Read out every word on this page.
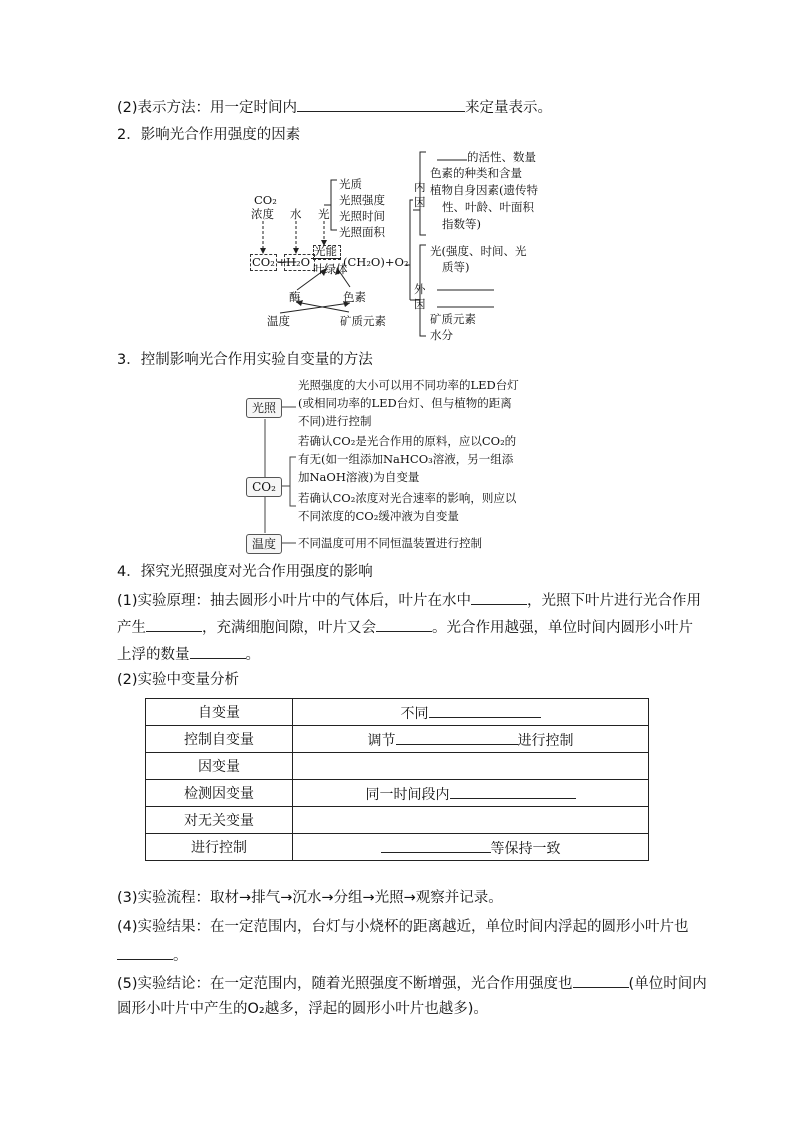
(2)表示方法：用一定时间内	来定量表示。
2．影响光合作用强度的因素
CO₂
浓度 水 光
光质
光照强度
光照时间
光照面积
CO₂ + H₂O
光能
叶绿体
(CH₂O)+O₂
酶	色素
温度	矿质元素
内因
外因
的活性、数量
色素的种类和含量
植物自身因素(遗传特
性、叶龄、叶面积
指数等)
光(强度、时间、光
质等)
矿质元素
水分
3．控制影响光合作用实验自变量的方法
光照
CO₂
温度
光照强度的大小可以用不同功率的LED台灯
(或相同功率的LED台灯、但与植物的距离
不同)进行控制
若确认CO₂是光合作用的原料，应以CO₂的
有无(如一组添加NaHCO₃溶液，另一组添
加NaOH溶液)为自变量
若确认CO₂浓度对光合速率的影响，则应以
不同浓度的CO₂缓冲液为自变量
不同温度可用不同恒温装置进行控制
4．探究光照强度对光合作用强度的影响
(1)实验原理：抽去圆形小叶片中的气体后，叶片在水中	，光照下叶片进行光合作用
产生	，充满细胞间隙，叶片又会	。光合作用越强，单位时间内圆形小叶片
上浮的数量	。
(2)实验中变量分析
自变量	不同
控制自变量	调节 进行控制
因变量	
检测因变量	同一时间段内
对无关变量	
进行控制	等保持一致
(3)实验流程：取材→排气→沉水→分组→光照→观察并记录。
(4)实验结果：在一定范围内，台灯与小烧杯的距离越近，单位时间内浮起的圆形小叶片也
。
(5)实验结论：在一定范围内，随着光照强度不断增强，光合作用强度也	(单位时间内
圆形小叶片中产生的O₂越多，浮起的圆形小叶片也越多)。
